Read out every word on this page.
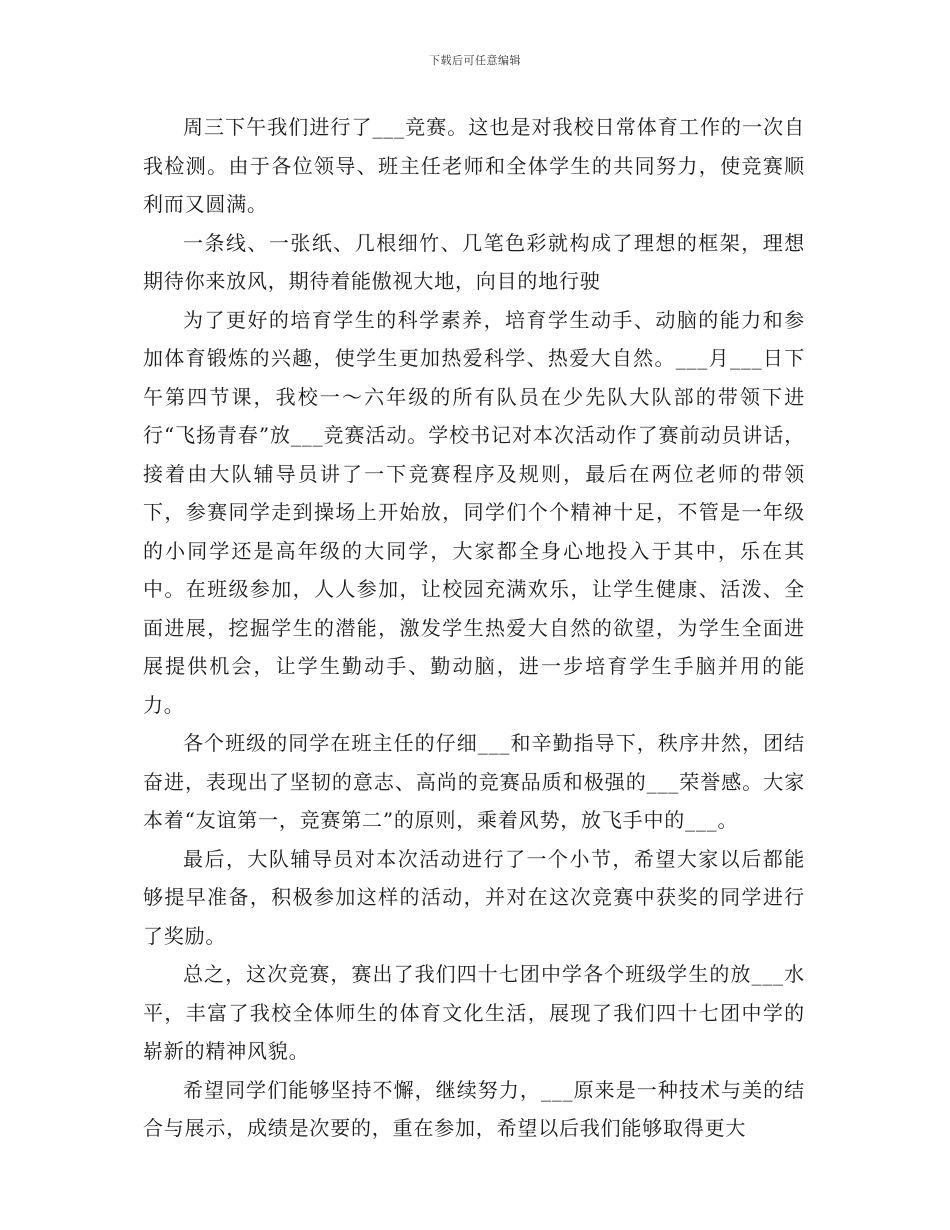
下载后可任意编辑

周三下午我们进行了___竞赛。这也是对我校日常体育工作的一次自我检测。由于各位领导、班主任老师和全体学生的共同努力，使竞赛顺利而又圆满。

一条线、一张纸、几根细竹、几笔色彩就构成了理想的框架，理想期待你来放风，期待着能傲视大地，向目的地行驶

为了更好的培育学生的科学素养，培育学生动手、动脑的能力和参加体育锻炼的兴趣，使学生更加热爱科学、热爱大自然。___月___日下午第四节课，我校一～六年级的所有队员在少先队大队部的带领下进行“飞扬青春”放___竞赛活动。学校书记对本次活动作了赛前动员讲话，接着由大队辅导员讲了一下竞赛程序及规则，最后在两位老师的带领下，参赛同学走到操场上开始放，同学们个个精神十足，不管是一年级的小同学还是高年级的大同学，大家都全身心地投入于其中，乐在其中。在班级参加，人人参加，让校园充满欢乐，让学生健康、活泼、全面进展，挖掘学生的潜能，激发学生热爱大自然的欲望，为学生全面进展提供机会，让学生勤动手、勤动脑，进一步培育学生手脑并用的能力。

各个班级的同学在班主任的仔细___和辛勤指导下，秩序井然，团结奋进，表现出了坚韧的意志、高尚的竞赛品质和极强的___荣誉感。大家本着“友谊第一，竞赛第二”的原则，乘着风势，放飞手中的___。

最后，大队辅导员对本次活动进行了一个小节，希望大家以后都能够提早准备，积极参加这样的活动，并对在这次竞赛中获奖的同学进行了奖励。

总之，这次竞赛，赛出了我们四十七团中学各个班级学生的放___水平，丰富了我校全体师生的体育文化生活，展现了我们四十七团中学的崭新的精神风貌。

希望同学们能够坚持不懈，继续努力，___原来是一种技术与美的结合与展示，成绩是次要的，重在参加，希望以后我们能够取得更大
